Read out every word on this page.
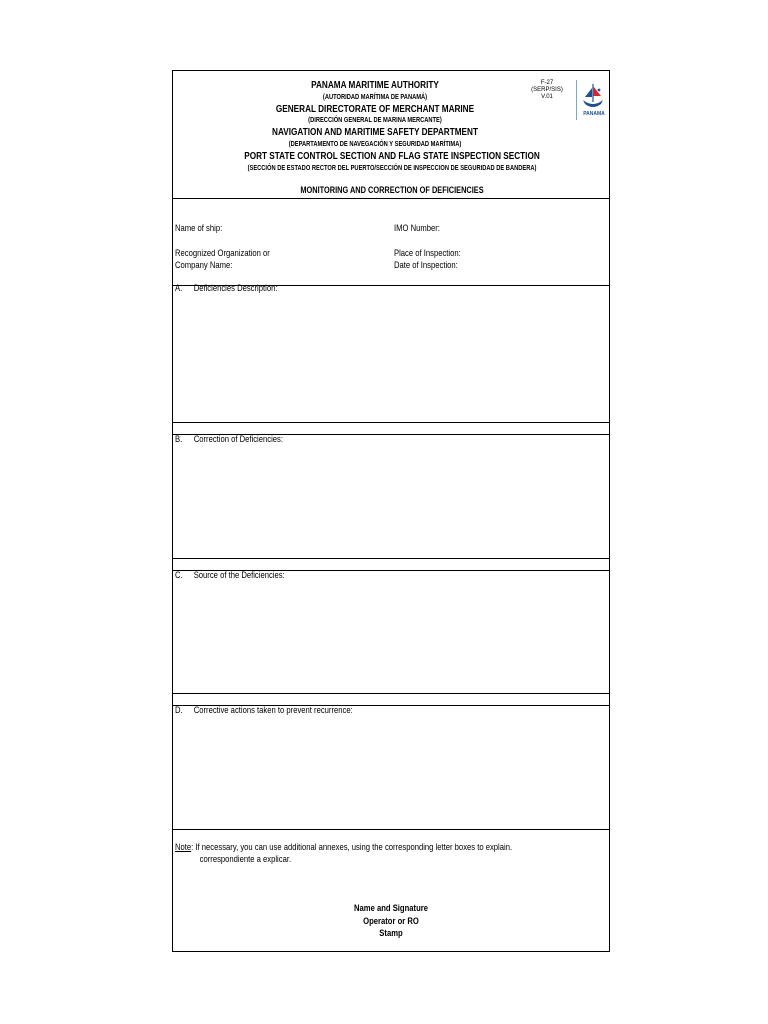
PANAMA MARITIME AUTHORITY
(AUTORIDAD MARÍTIMA DE PANAMÁ)
GENERAL DIRECTORATE OF MERCHANT MARINE
(DIRECCIÓN GENERAL DE MARINA MERCANTE)
NAVIGATION AND MARITIME SAFETY DEPARTMENT
(DEPARTAMENTO DE NAVEGACIÓN Y SEGURIDAD MARÍTIMA)
PORT STATE CONTROL SECTION AND FLAG STATE INSPECTION SECTION
(SECCIÓN DE ESTADO RECTOR DEL PUERTO/SECCIÓN DE INSPECCION DE SEGURIDAD DE BANDERA)
MONITORING AND CORRECTION OF DEFICIENCIES
F-27
(SERP/SIS)
V.01
PANAMA
Name of ship:	IMO Number:
Recognized Organization or
Company Name:
Place of Inspection:
Date of Inspection:
A. Deficiencies Description:
B. Correction of Deficiencies:
C. Source of the Deficiencies:
D. Corrective actions taken to prevent recurrence:
Note: If necessary, you can use additional annexes, using the corresponding letter boxes to explain.
correspondiente a explicar.
Name and Signature
Operator or RO
Stamp
